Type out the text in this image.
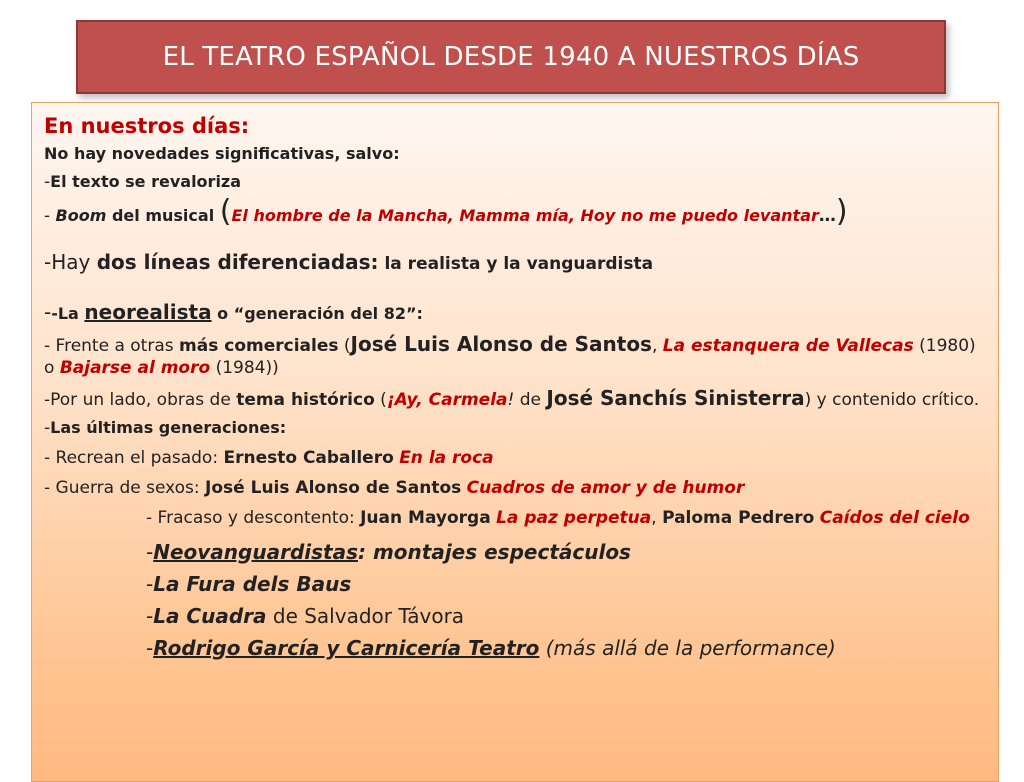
EL TEATRO ESPAÑOL DESDE 1940 A NUESTROS DÍAS

En nuestros días:

No hay novedades significativas, salvo:

-El texto se revaloriza

- Boom del musical (El hombre de la Mancha, Mamma mía, Hoy no me puedo levantar…)

-Hay dos líneas diferenciadas: la realista y la vanguardista

--La neorealista o “generación del 82”:

- Frente a otras más comerciales (José Luis Alonso de Santos, La estanquera de Vallecas (1980) o Bajarse al moro (1984))

-Por un lado, obras de tema histórico (¡Ay, Carmela! de José Sanchís Sinisterra) y contenido crítico.

-Las últimas generaciones:

- Recrean el pasado: Ernesto Caballero En la roca

- Guerra de sexos: José Luis Alonso de Santos Cuadros de amor y de humor

- Fracaso y descontento: Juan Mayorga La paz perpetua, Paloma Pedrero Caídos del cielo

-Neovanguardistas: montajes espectáculos

-La Fura dels Baus

-La Cuadra de Salvador Távora

-Rodrigo García y Carnicería Teatro (más allá de la performance)
